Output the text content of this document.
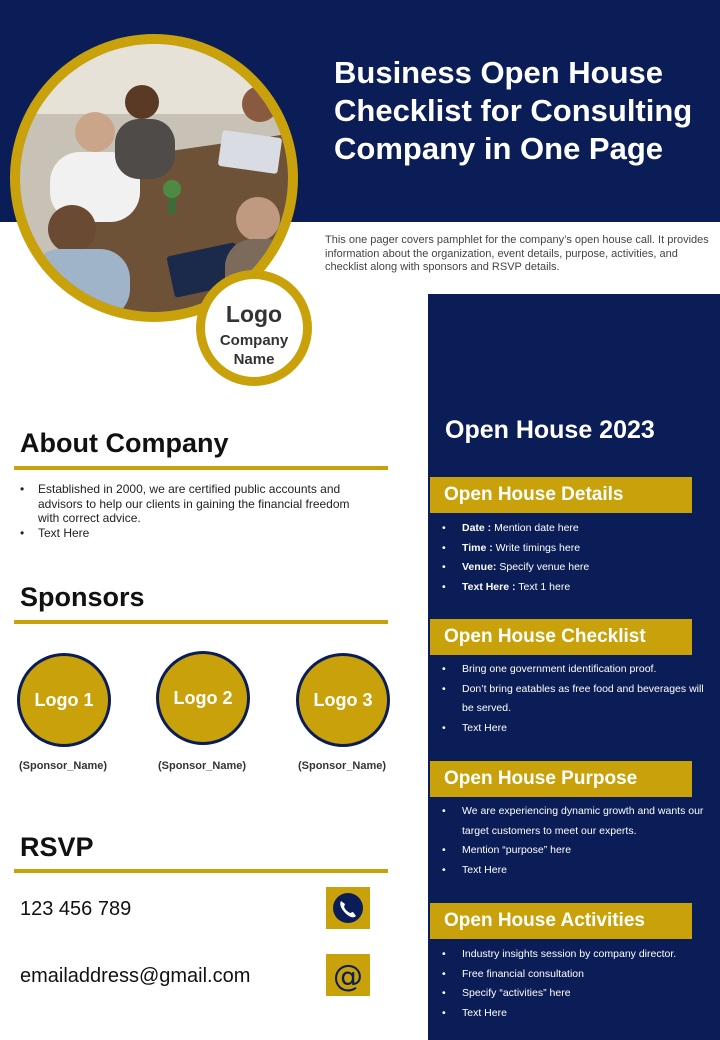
Business Open House Checklist for Consulting Company in One Page
This one pager covers pamphlet for the company’s open house call. It provides information about the organization, event details, purpose, activities, and checklist along with sponsors and RSVP details.
Logo
Company
Name
About Company
• Established in 2000, we are certified public accounts and advisors to help our clients in gaining the financial freedom with correct advice.
• Text Here
Sponsors
Logo 1	Logo 2	Logo 3
(Sponsor_Name)	(Sponsor_Name)	(Sponsor_Name)
RSVP
123 456 789
emailaddress@gmail.com	@
Open House 2023
Open House Details
• Date : Mention date here
• Time : Write timings here
• Venue: Specify venue here
• Text Here : Text 1 here
Open House Checklist
• Bring one government identification proof.
• Don’t bring eatables as free food and beverages will be served.
• Text Here
Open House Purpose
• We are experiencing dynamic growth and wants our target customers to meet our experts.
• Mention “purpose” here
• Text Here
Open House Activities
• Industry insights session by company director.
• Free financial consultation
• Specify “activities” here
• Text Here
